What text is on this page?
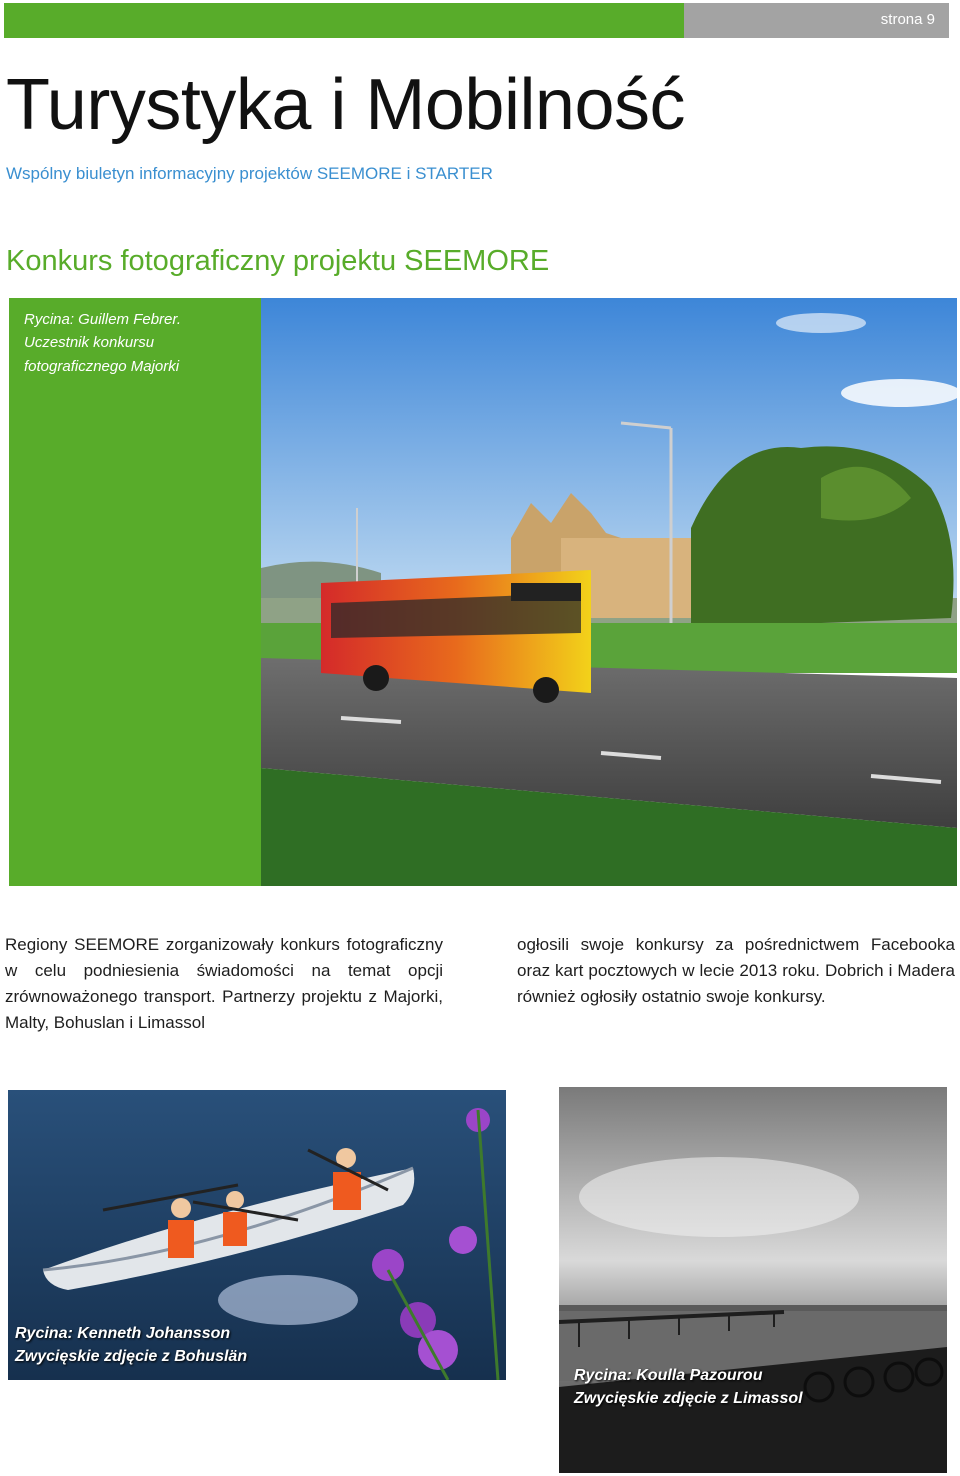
strona 9
Turystyka i Mobilność
Wspólny biuletyn informacyjny projektów SEEMORE i STARTER
Konkurs fotograficzny projektu SEEMORE
Rycina: Guillem Febrer.
Uczestnik konkursu
fotograficznego Majorki

Regiony SEEMORE zorganizowały konkurs fotograficzny w celu podniesienia świadomości na temat opcji zrównoważonego transport. Partnerzy projektu z Majorki, Malty, Bohuslan i Limassol

ogłosili swoje konkursy za pośrednictwem Facebooka oraz kart pocztowych w lecie 2013 roku. Dobrich i Madera również ogłosiły ostatnio swoje konkursy.

Rycina: Kenneth Johansson
Zwycięskie zdjęcie z Bohuslän
Rycina: Koulla Pazourou
Zwycięskie zdjęcie z Limassol
